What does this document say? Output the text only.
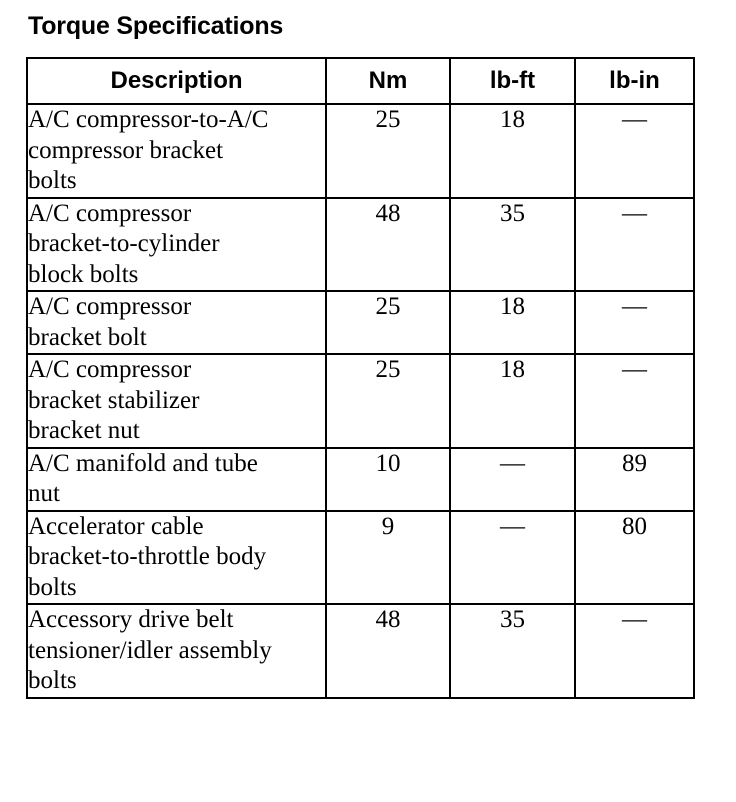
Torque Specifications
Description	Nm	lb-ft	lb-in

A/C compressor-to-A/C
compressor bracket
bolts	25	18	—

A/C compressor
bracket-to-cylinder
block bolts	48	35	—

A/C compressor
bracket bolt	25	18	—

A/C compressor
bracket stabilizer
bracket nut	25	18	—

A/C manifold and tube
nut	10	—	89

Accelerator cable
bracket-to-throttle body
bolts	9	—	80

Accessory drive belt
tensioner/idler assembly
bolts	48	35	—
